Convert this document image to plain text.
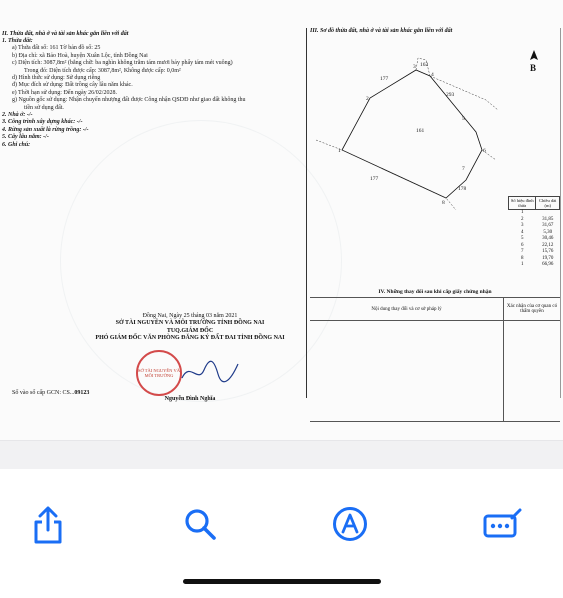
II. Thửa đất, nhà ở và tài sản khác gắn liền với đất
1. Thửa đất:
a) Thửa đất số: 161 Tờ bản đồ số: 25
b) Địa chỉ: xã Bảo Hoà, huyện Xuân Lộc, tỉnh Đồng Nai
c) Diện tích: 3087,8m² (bằng chữ: ba nghìn không trăm tám mươi bảy phẩy tám mét vuông)
Trong đó: Diện tích được cấp: 3087,8m², Không được cấp: 0,0m²
d) Hình thức sử dụng: Sử dụng riêng
đ) Mục đích sử dụng: Đất trồng cây lâu năm khác.
e) Thời hạn sử dụng: Đến ngày 26/02/2028.
g) Nguồn gốc sử dụng: Nhận chuyển nhượng đất được Công nhận QSDĐ như giao đất không thu
tiền sử dụng đất.
2. Nhà ở: -/-
3. Công trình xây dựng khác: -/-
4. Rừng sản xuất là rừng trồng: -/-
5. Cây lâu năm: -/-
6. Ghi chú:
III. Sơ đồ thửa đất, nhà ở và tài sản khác gắn liền với đất
B
161
162
177
293
177
178
1
2
3
4
5
6
7
8	Số hiệu đỉnh thửa	Chiều dài (m)
1	
2	31,85
3	31,67
4	5,30
5	30,46
6	22,12
7	15,76
8	19,70
1	66,96
IV. Những thay đổi sau khi cấp giấy chứng nhận
Nội dung thay đổi và cơ sở pháp lý	Xác nhận của cơ quan có thẩm quyền
Đồng Nai, Ngày 25 tháng 03 năm 2021
SỞ TÀI NGUYÊN VÀ MÔI TRƯỜNG TỈNH ĐỒNG NAI
TUQ.GIÁM ĐỐC
PHÓ GIÁM ĐỐC VĂN PHÒNG ĐĂNG KÝ ĐẤT ĐAI TỈNH ĐỒNG NAI
SỞ TÀI NGUYÊN VÀ MÔI TRƯỜNG
Nguyễn Đình Nghĩa
Số vào sổ cấp GCN: CS...09123
